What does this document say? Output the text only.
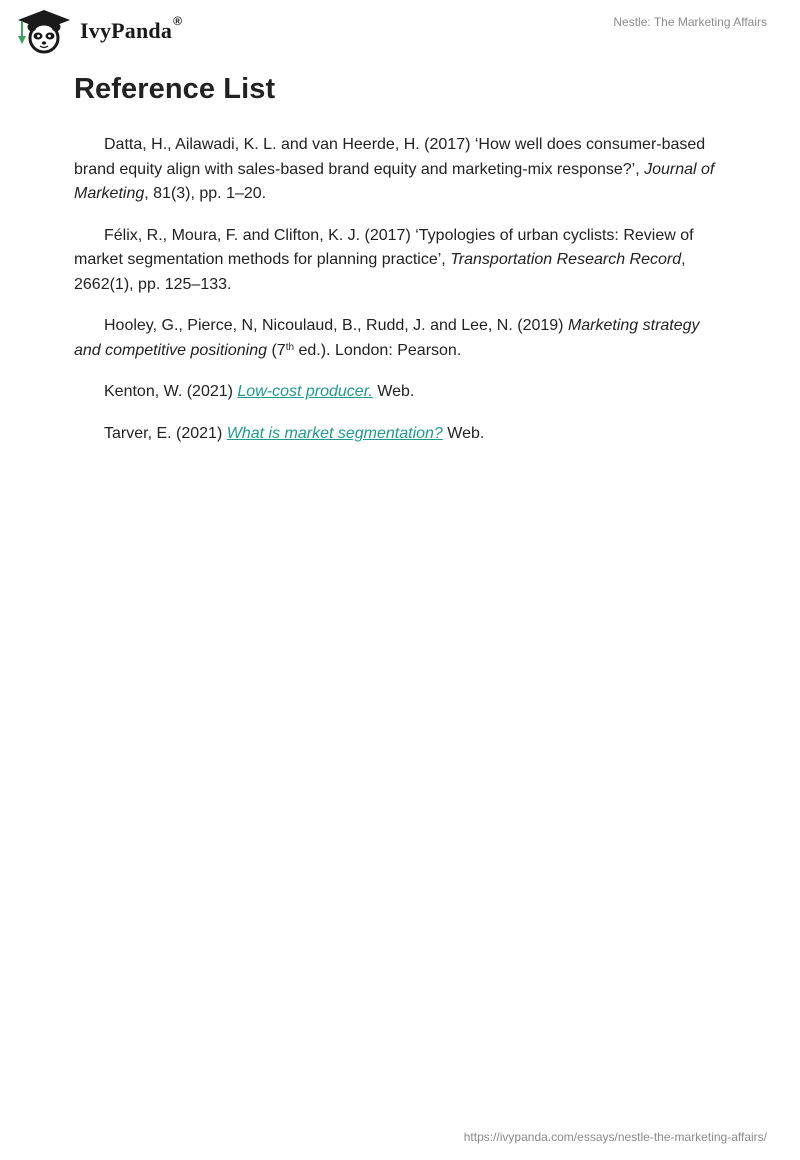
IvyPanda®	Nestle: The Marketing Affairs
Reference List

Datta, H., Ailawadi, K. L. and van Heerde, H. (2017) ‘How well does consumer-based brand equity align with sales-based brand equity and marketing-mix response?’, Journal of Marketing, 81(3), pp. 1–20.

Félix, R., Moura, F. and Clifton, K. J. (2017) ‘Typologies of urban cyclists: Review of market segmentation methods for planning practice’, Transportation Research Record, 2662(1), pp. 125–133.

Hooley, G., Pierce, N, Nicoulaud, B., Rudd, J. and Lee, N. (2019) Marketing strategy and competitive positioning (7th ed.). London: Pearson.

Kenton, W. (2021) Low-cost producer. Web.

Tarver, E. (2021) What is market segmentation? Web.

https://ivypanda.com/essays/nestle-the-marketing-affairs/
